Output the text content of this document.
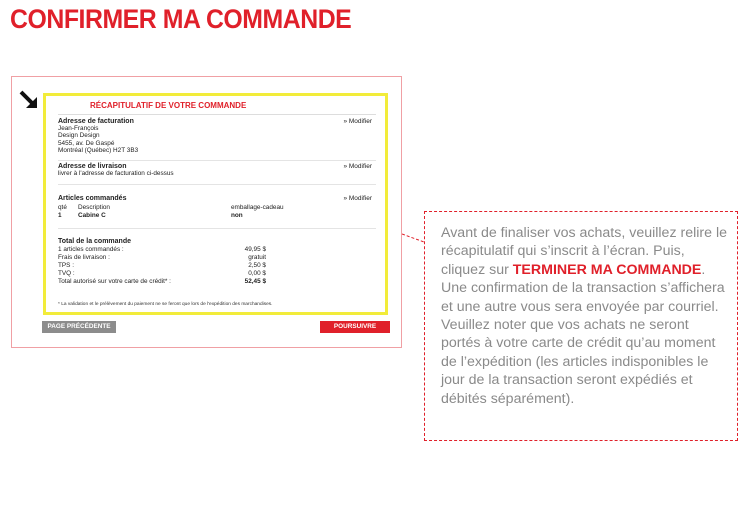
CONFIRMER MA COMMANDE
RÉCAPITULATIF DE VOTRE COMMANDE
Adresse de facturation	» Modifier
Jean-François
Design Design
5455, av. De Gaspé
Montréal (Québec) H2T 3B3
Adresse de livraison	» Modifier
livrer à l'adresse de facturation ci-dessus
Articles commandés	» Modifier
qté Description	emballage-cadeau
1	Cabine C	non
Total de la commande
1 articles commandés :	49,95 $
Frais de livraison :	gratuit
TPS :	2,50 $
TVQ :	0,00 $
Total autorisé sur votre carte de crédit* :	52,45 $
* La validation et le prélèvement du paiement ne se feront que lors de l'expédition des marchandises.
PAGE PRÉCÉDENTE	POURSUIVRE
Avant de finaliser vos achats, veuillez relire le récapitulatif qui s’inscrit à l’écran. Puis, cliquez sur TERMINER MA COMMANDE. Une confirmation de la transaction s’affichera et une autre vous sera envoyée par courriel. Veuillez noter que vos achats ne seront portés à votre carte de crédit qu’au moment de l’expédition (les articles indisponibles le jour de la transaction seront expédiés et débités séparément).
